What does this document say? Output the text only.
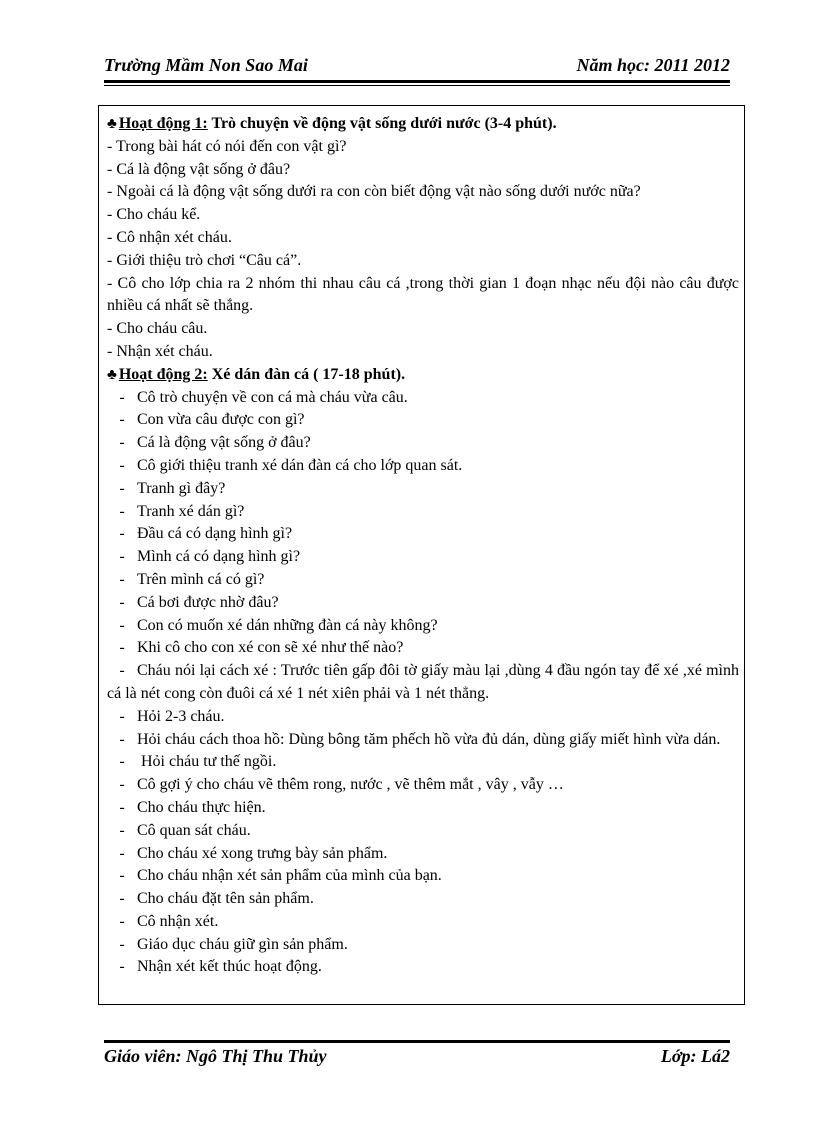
Trường Mầm Non Sao Mai	Năm học: 2011 2012
♣ Hoạt động 1: Trò chuyện về động vật sống dưới nước (3-4 phút).
- Trong bài hát có nói đến con vật gì?
- Cá là động vật sống ở đâu?
- Ngoài cá là động vật sống dưới ra con còn biết động vật nào sống dưới nước nữa?
- Cho cháu kể.
- Cô nhận xét cháu.
- Giới thiệu trò chơi “Câu cá”.
- Cô cho lớp chia ra 2 nhóm thi nhau câu cá ,trong thời gian 1 đoạn nhạc nếu đội nào câu được nhiều cá nhất sẽ thắng.
- Cho cháu câu.
- Nhận xét cháu.
♣ Hoạt động 2: Xé dán đàn cá ( 17-18 phút).
- Cô trò chuyện về con cá mà cháu vừa câu.
- Con vừa câu được con gì?
- Cá là động vật sống ở đâu?
- Cô giới thiệu tranh xé dán đàn cá cho lớp quan sát.
- Tranh gì đây?
- Tranh xé dán gì?
- Đầu cá có dạng hình gì?
- Mình cá có dạng hình gì?
- Trên mình cá có gì?
- Cá bơi được nhờ đâu?
- Con có muốn xé dán những đàn cá này không?
- Khi cô cho con xé con sẽ xé như thế nào?
- Cháu nói lại cách xé : Trước tiên gấp đôi tờ giấy màu lại ,dùng 4 đầu ngón tay để xé ,xé mình cá là nét cong còn đuôi cá xé 1 nét xiên phải và 1 nét thẳng.
- Hỏi 2-3 cháu.
- Hỏi cháu cách thoa hồ: Dùng bông tăm phếch hồ vừa đủ dán, dùng giấy miết hình vừa dán.
- Hỏi cháu tư thế ngồi.
- Cô gợi ý cho cháu vẽ thêm rong, nước , vẽ thêm mắt , vây , vẫy …
- Cho cháu thực hiện.
- Cô quan sát cháu.
- Cho cháu xé xong trưng bày sản phẩm.
- Cho cháu nhận xét sản phẩm của mình của bạn.
- Cho cháu đặt tên sản phẩm.
- Cô nhận xét.
- Giáo dục cháu giữ gìn sản phẩm.
- Nhận xét kết thúc hoạt động.
Giáo viên: Ngô Thị Thu Thủy	Lớp: Lá2
